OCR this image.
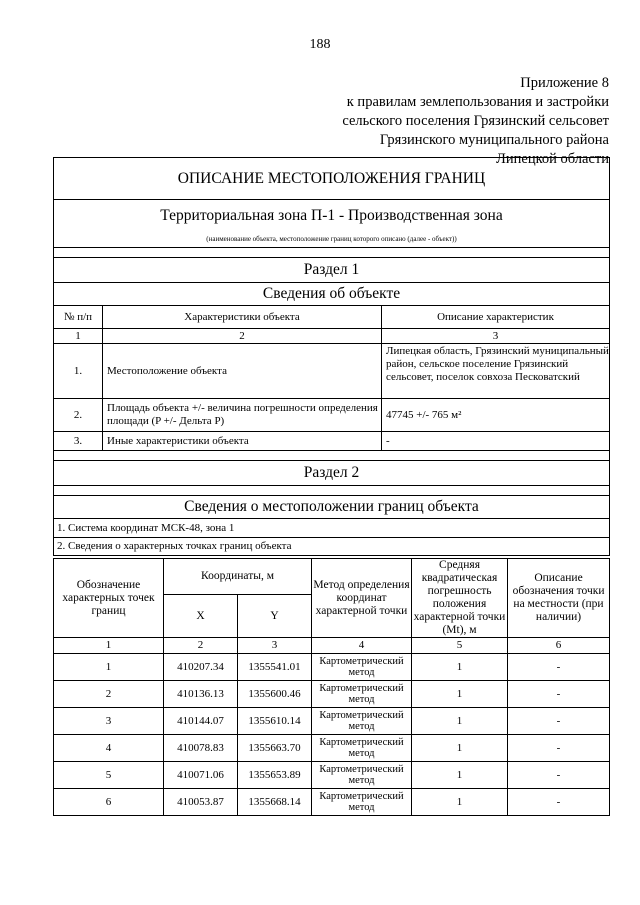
188
Приложение 8
к правилам землепользования и застройки
сельского поселения Грязинский сельсовет
Грязинского муниципального района
Липецкой области
ОПИСАНИЕ МЕСТОПОЛОЖЕНИЯ ГРАНИЦ		
Территориальная зона П-1 - Производственная зона		
(наименование объекта, местоположение границ которого описано (далее - объект))		

Раздел 1		
Сведения об объекте		
№ п/п	Характеристики объекта	Описание характеристик
1	2	3
1.	Местоположение объекта	Липецкая область, Грязинский муниципальный район, сельское поселение Грязинский сельсовет, поселок совхоза Песковатский

2.	Площадь объекта +/- величина погрешности определения площади (P +/- Дельта P)	47745 +/- 765 м²
3.	Иные характеристики объекта	-

Раздел 2		

Сведения о местоположении границ объекта		
1. Система координат МСК-48, зона 1		
2. Сведения о характерных точках границ объекта		
Обозначение характерных точек границ	Координаты, м		Метод определения координат характерной точки	Средняя квадратическая погрешность положения характерной точки (Mt), м	Описание обозначения точки на местности (при наличии)
	X	Y			
1	2	3	4	5	6
1	410207.34	1355541.01	Картометрический метод	1	-
2	410136.13	1355600.46	Картометрический метод	1	-
3	410144.07	1355610.14	Картометрический метод	1	-
4	410078.83	1355663.70	Картометрический метод	1	-
5	410071.06	1355653.89	Картометрический метод	1	-
6	410053.87	1355668.14	Картометрический метод	1	-
